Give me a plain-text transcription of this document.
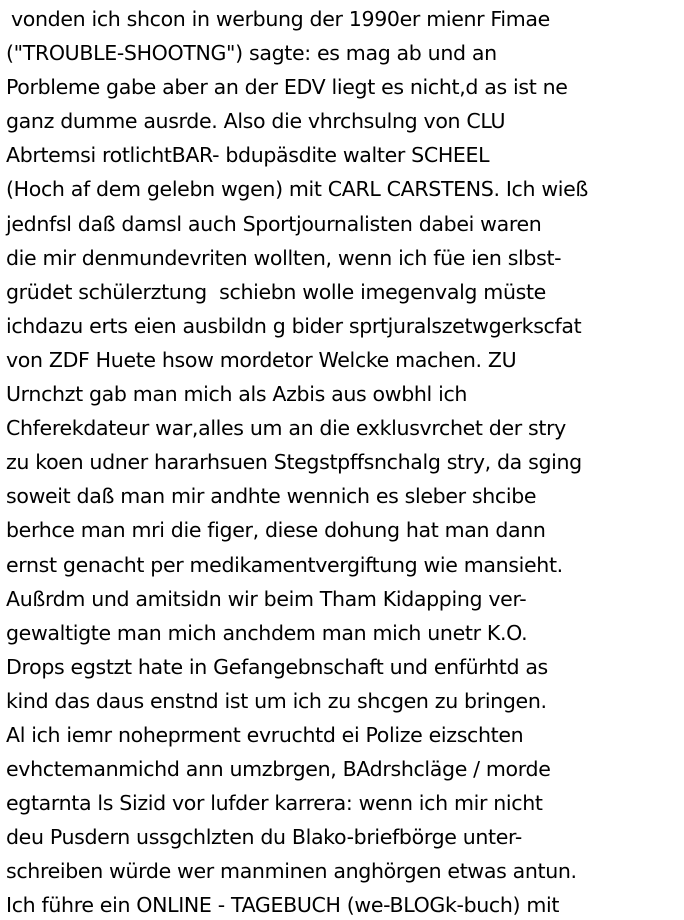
vonden ich shcon in werbung der 1990er mienr Fimae
("TROUBLE-SHOOTNG") sagte: es mag ab und an
Porbleme gabe aber an der EDV liegt es nicht,d as ist ne
ganz dumme ausrde. Also die vhrchsulng von CLU
Abrtemsi rotlichtBAR- bdupäsdite walter SCHEEL
(Hoch af dem gelebn wgen) mit CARL CARSTENS. Ich wieß
jednfsl daß damsl auch Sportjournalisten dabei waren
die mir denmundevriten wollten, wenn ich füe ien slbst-
grüdet schülerztung  schiebn wolle imegenvalg müste
ichdazu erts eien ausbildn g bider sprtjuralszetwgerkscfat
von ZDF Huete hsow mordetor Welcke machen. ZU
Urnchzt gab man mich als Azbis aus owbhl ich
Chferekdateur war,alles um an die exklusvrchet der stry
zu koen udner hararhsuen Stegstpffsnchalg stry, da sging
soweit daß man mir andhte wennich es sleber shcibe
berhce man mri die figer, diese dohung hat man dann
ernst genacht per medikamentvergiftung wie mansieht.
Außrdm und amitsidn wir beim Tham Kidapping ver-
gewaltigte man mich anchdem man mich unetr K.O.
Drops egstzt hate in Gefangebnschaft und enfürhtd as
kind das daus enstnd ist um ich zu shcgen zu bringen.
Al ich iemr noheprment evruchtd ei Polize eizschten
evhctemanmichd ann umzbrgen, BAdrshcläge / morde
egtarnta ls Sizid vor lufder karrera: wenn ich mir nicht
deu Pusdern ussgchlzten du Blako-briefbörge unter-
schreiben würde wer manminen anghörgen etwas antun.
Ich führe ein ONLINE - TAGEBUCH (we-BLOGk-buch) mit
